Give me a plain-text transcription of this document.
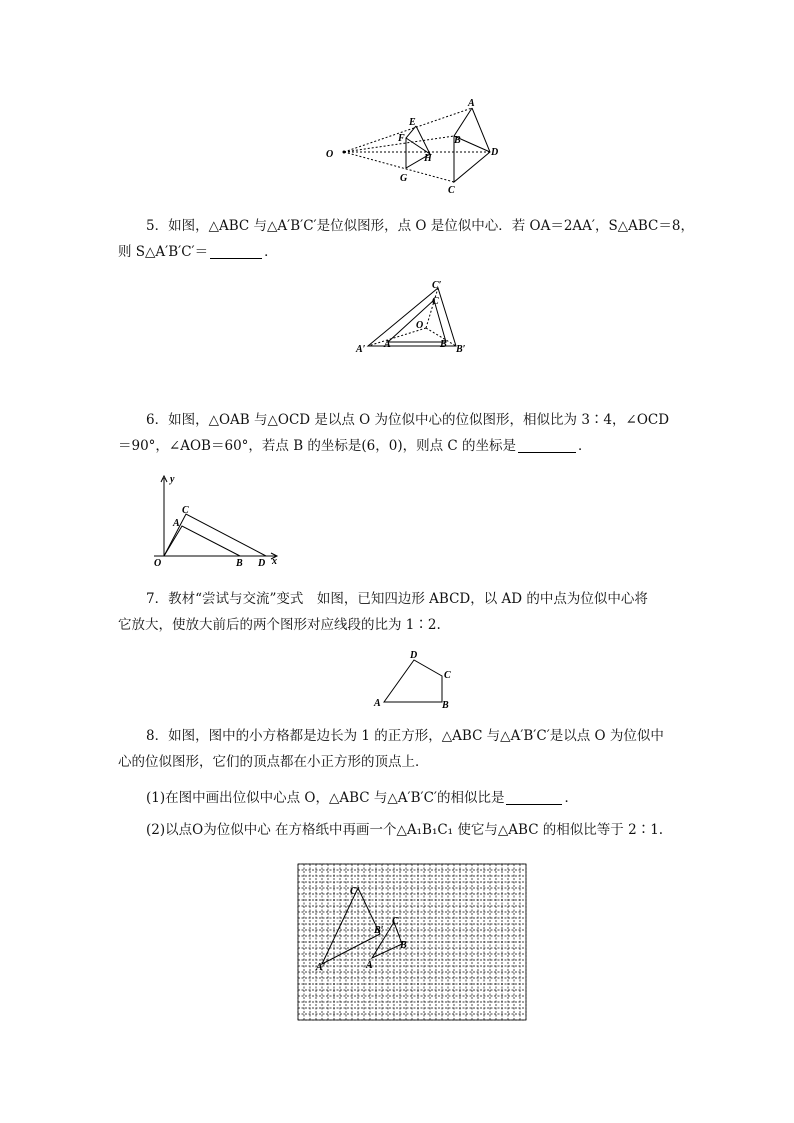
O
E
F
H
G
A
B
C
D
5．如图，△ABC 与△A′B′C′是位似图形，点 O 是位似中心．若 OA＝2AA′，S△ABC＝8，
则 S△A′B′C′＝	．
C′
C
O
A′ A	B B′
6．如图，△OAB 与△OCD 是以点 O 为位似中心的位似图形，相似比为 3∶4，∠OCD
＝90°，∠AOB＝60°，若点 B 的坐标是(6，0)，则点 C 的坐标是	．
y
x
C
A
O	B D
7．教材“尝试与交流”变式　如图，已知四边形 ABCD，以 AD 的中点为位似中心将
它放大，使放大前后的两个图形对应线段的比为 1∶2.
D
C
A	B
8．如图，图中的小方格都是边长为 1 的正方形，△ABC 与△A′B′C′是以点 O 为位似中
心的位似图形，它们的顶点都在小正方形的顶点上．
(1)在图中画出位似中心点 O，△ABC 与△A′B′C′的相似比是	．
(2)以点O为位似中心 在方格纸中再画一个△A₁B₁C₁ 使它与△ABC 的相似比等于 2∶1.
C′
C
B′
B
A′	A
